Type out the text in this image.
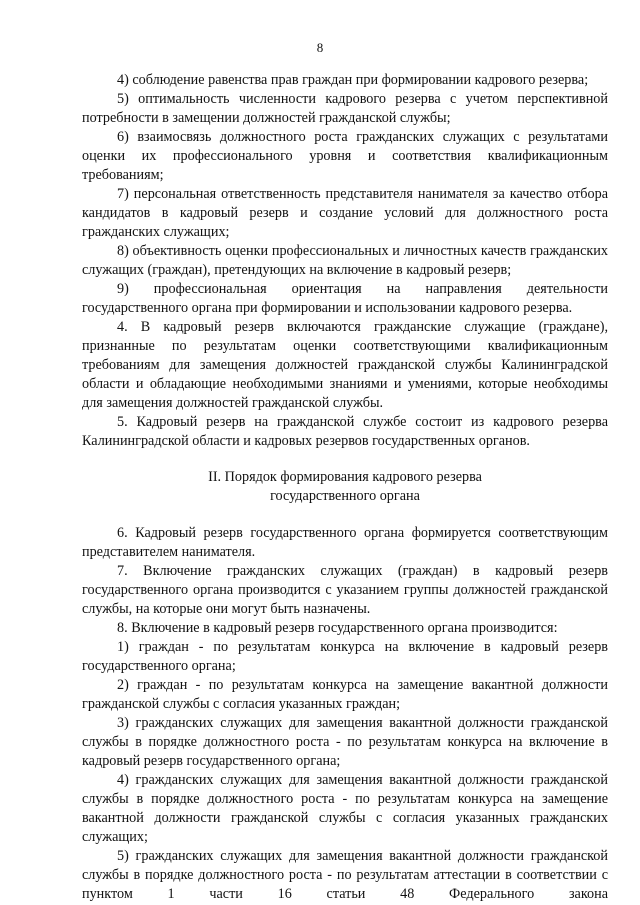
8

4) соблюдение равенства прав граждан при формировании кадрового резерва;

5) оптимальность численности кадрового резерва с учетом перспективной потребности в замещении должностей гражданской службы;

6) взаимосвязь должностного роста гражданских служащих с результатами оценки их профессионального уровня и соответствия квалификационным требованиям;

7) персональная ответственность представителя нанимателя за качество отбора кандидатов в кадровый резерв и создание условий для должностного роста гражданских служащих;

8) объективность оценки профессиональных и личностных качеств гражданских служащих (граждан), претендующих на включение в кадровый резерв;

9) профессиональная ориентация на направления деятельности государственного органа при формировании и использовании кадрового резерва.

4. В кадровый резерв включаются гражданские служащие (граждане), признанные по результатам оценки соответствующими квалификационным требованиям для замещения должностей гражданской службы Калининградской области и обладающие необходимыми знаниями и умениями, которые необходимы для замещения должностей гражданской службы.

5. Кадровый резерв на гражданской службе состоит из кадрового резерва Калининградской области и кадровых резервов государственных органов.

II. Порядок формирования кадрового резерва
государственного органа

6. Кадровый резерв государственного органа формируется соответствующим представителем нанимателя.

7. Включение гражданских служащих (граждан) в кадровый резерв государственного органа производится с указанием группы должностей гражданской службы, на которые они могут быть назначены.

8. Включение в кадровый резерв государственного органа производится:

1) граждан - по результатам конкурса на включение в кадровый резерв государственного органа;

2) граждан - по результатам конкурса на замещение вакантной должности гражданской службы с согласия указанных граждан;

3) гражданских служащих для замещения вакантной должности гражданской службы в порядке должностного роста - по результатам конкурса на включение в кадровый резерв государственного органа;

4) гражданских служащих для замещения вакантной должности гражданской службы в порядке должностного роста - по результатам конкурса на замещение вакантной должности гражданской службы с согласия указанных гражданских служащих;

5) гражданских служащих для замещения вакантной должности гражданской службы в порядке должностного роста - по результатам аттестации в соответствии с пунктом 1 части 16 статьи 48 Федерального закона
